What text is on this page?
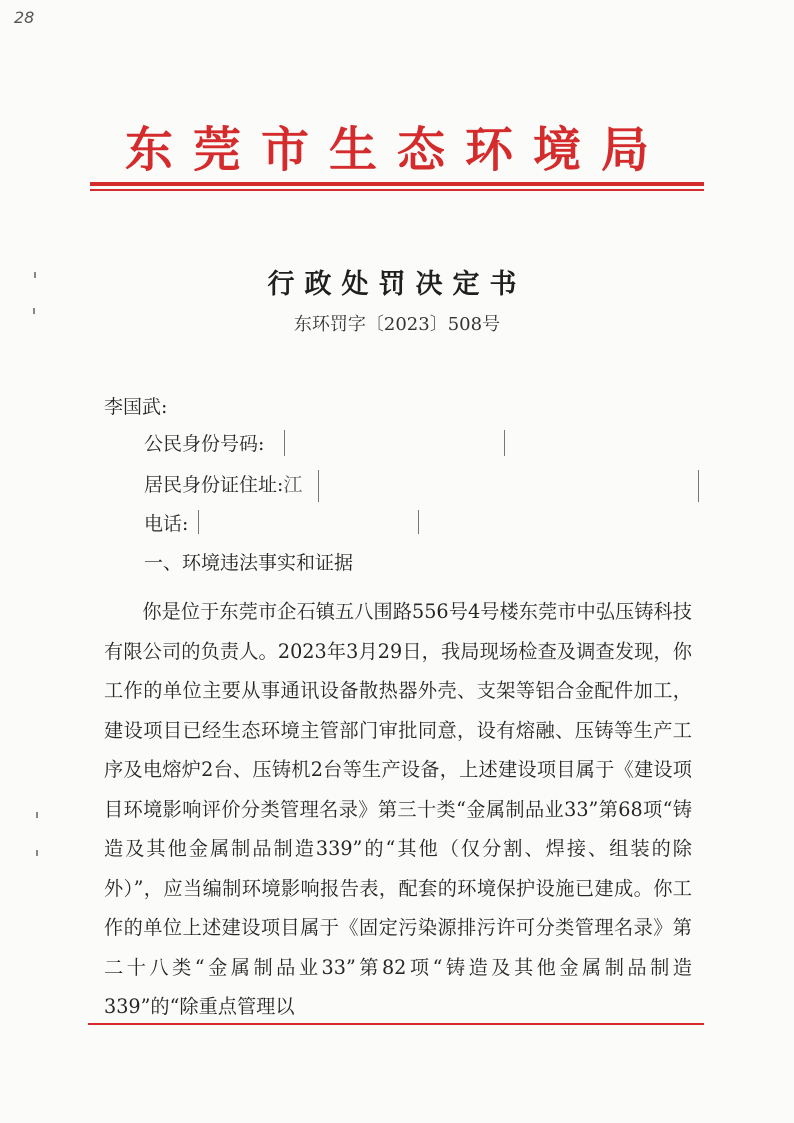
28
东莞市生态环境局
行政处罚决定书
东环罚字〔2023〕508号
李国武:
公民身份号码:
居民身份证住址:江
电话:
一、环境违法事实和证据
你是位于东莞市企石镇五八围路556号4号楼东莞市中弘压铸科技有限公司的负责人。2023年3月29日，我局现场检查及调查发现，你工作的单位主要从事通讯设备散热器外壳、支架等铝合金配件加工，建设项目已经生态环境主管部门审批同意，设有熔融、压铸等生产工序及电熔炉2台、压铸机2台等生产设备，上述建设项目属于《建设项目环境影响评价分类管理名录》第三十类“金属制品业33”第68项“铸造及其他金属制品制造339”的“其他（仅分割、焊接、组装的除外）”，应当编制环境影响报告表，配套的环境保护设施已建成。你工作的单位上述建设项目属于《固定污染源排污许可分类管理名录》第二十八类“金属制品业33”第82项“铸造及其他金属制品制造339”的“除重点管理以
